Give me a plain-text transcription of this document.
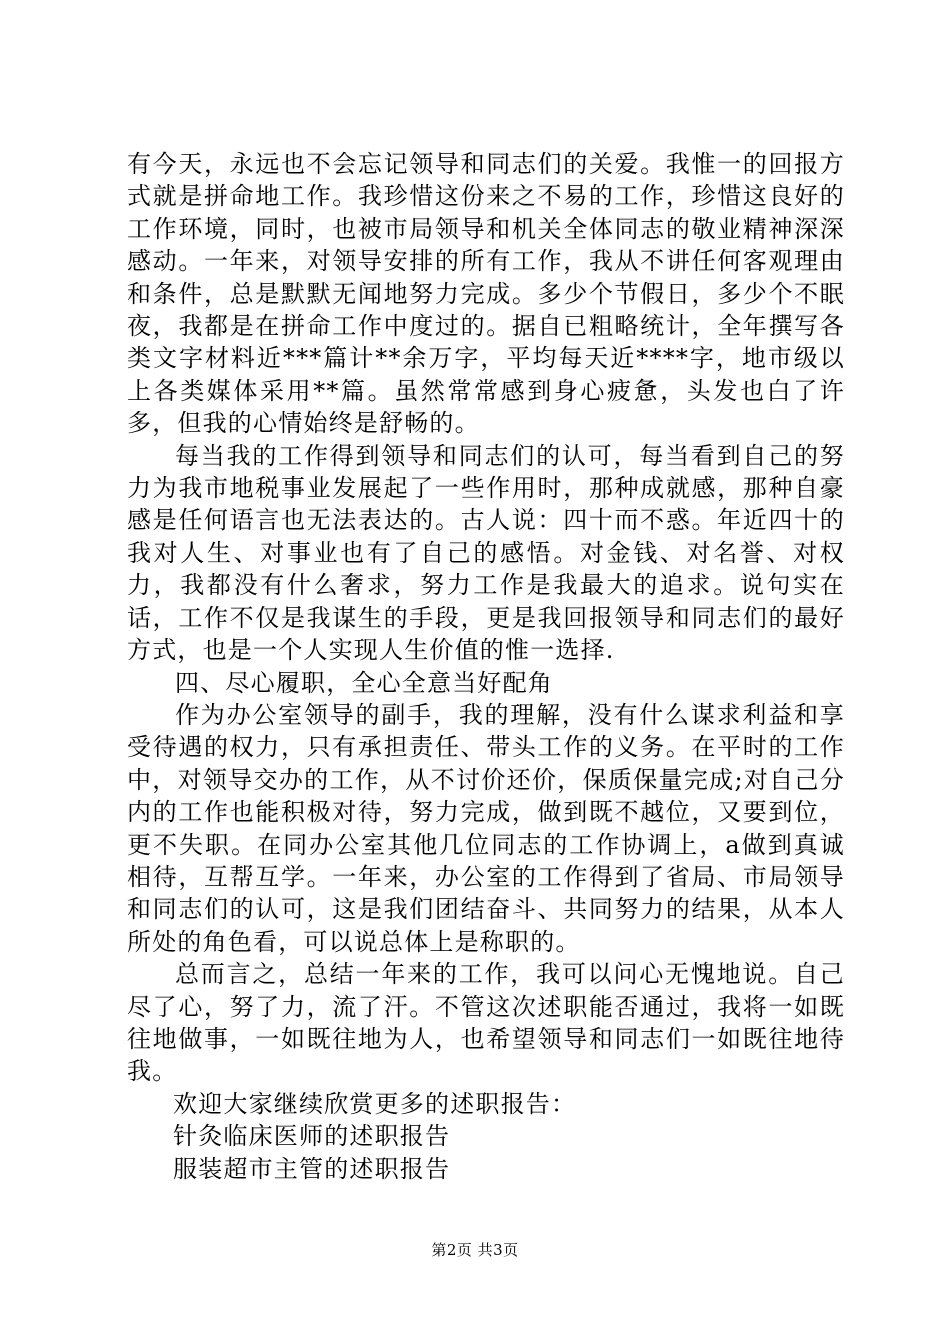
有今天，永远也不会忘记领导和同志们的关爱。我惟一的回报方式就是拼命地工作。我珍惜这份来之不易的工作，珍惜这良好的工作环境，同时，也被市局领导和机关全体同志的敬业精神深深感动。一年来，对领导安排的所有工作，我从不讲任何客观理由和条件，总是默默无闻地努力完成。多少个节假日，多少个不眠夜，我都是在拼命工作中度过的。据自已粗略统计，全年撰写各类文字材料近***篇计**余万字，平均每天近****字，地市级以上各类媒体采用**篇。虽然常常感到身心疲惫，头发也白了许多，但我的心情始终是舒畅的。

每当我的工作得到领导和同志们的认可，每当看到自己的努力为我市地税事业发展起了一些作用时，那种成就感，那种自豪感是任何语言也无法表达的。古人说：四十而不惑。年近四十的我对人生、对事业也有了自己的感悟。对金钱、对名誉、对权力，我都没有什么奢求，努力工作是我最大的追求。说句实在话，工作不仅是我谋生的手段，更是我回报领导和同志们的最好方式，也是一个人实现人生价值的惟一选择.

四、尽心履职，全心全意当好配角

作为办公室领导的副手，我的理解，没有什么谋求利益和享受待遇的权力，只有承担责任、带头工作的义务。在平时的工作中，对领导交办的工作，从不讨价还价，保质保量完成;对自己分内的工作也能积极对待，努力完成，做到既不越位，又要到位，更不失职。在同办公室其他几位同志的工作协调上，a做到真诚相待，互帮互学。一年来，办公室的工作得到了省局、市局领导和同志们的认可，这是我们团结奋斗、共同努力的结果，从本人所处的角色看，可以说总体上是称职的。

总而言之，总结一年来的工作，我可以问心无愧地说。自己尽了心，努了力，流了汗。不管这次述职能否通过，我将一如既往地做事，一如既往地为人，也希望领导和同志们一如既往地待我。

欢迎大家继续欣赏更多的述职报告：

针灸临床医师的述职报告

服装超市主管的述职报告

第2页 共3页
